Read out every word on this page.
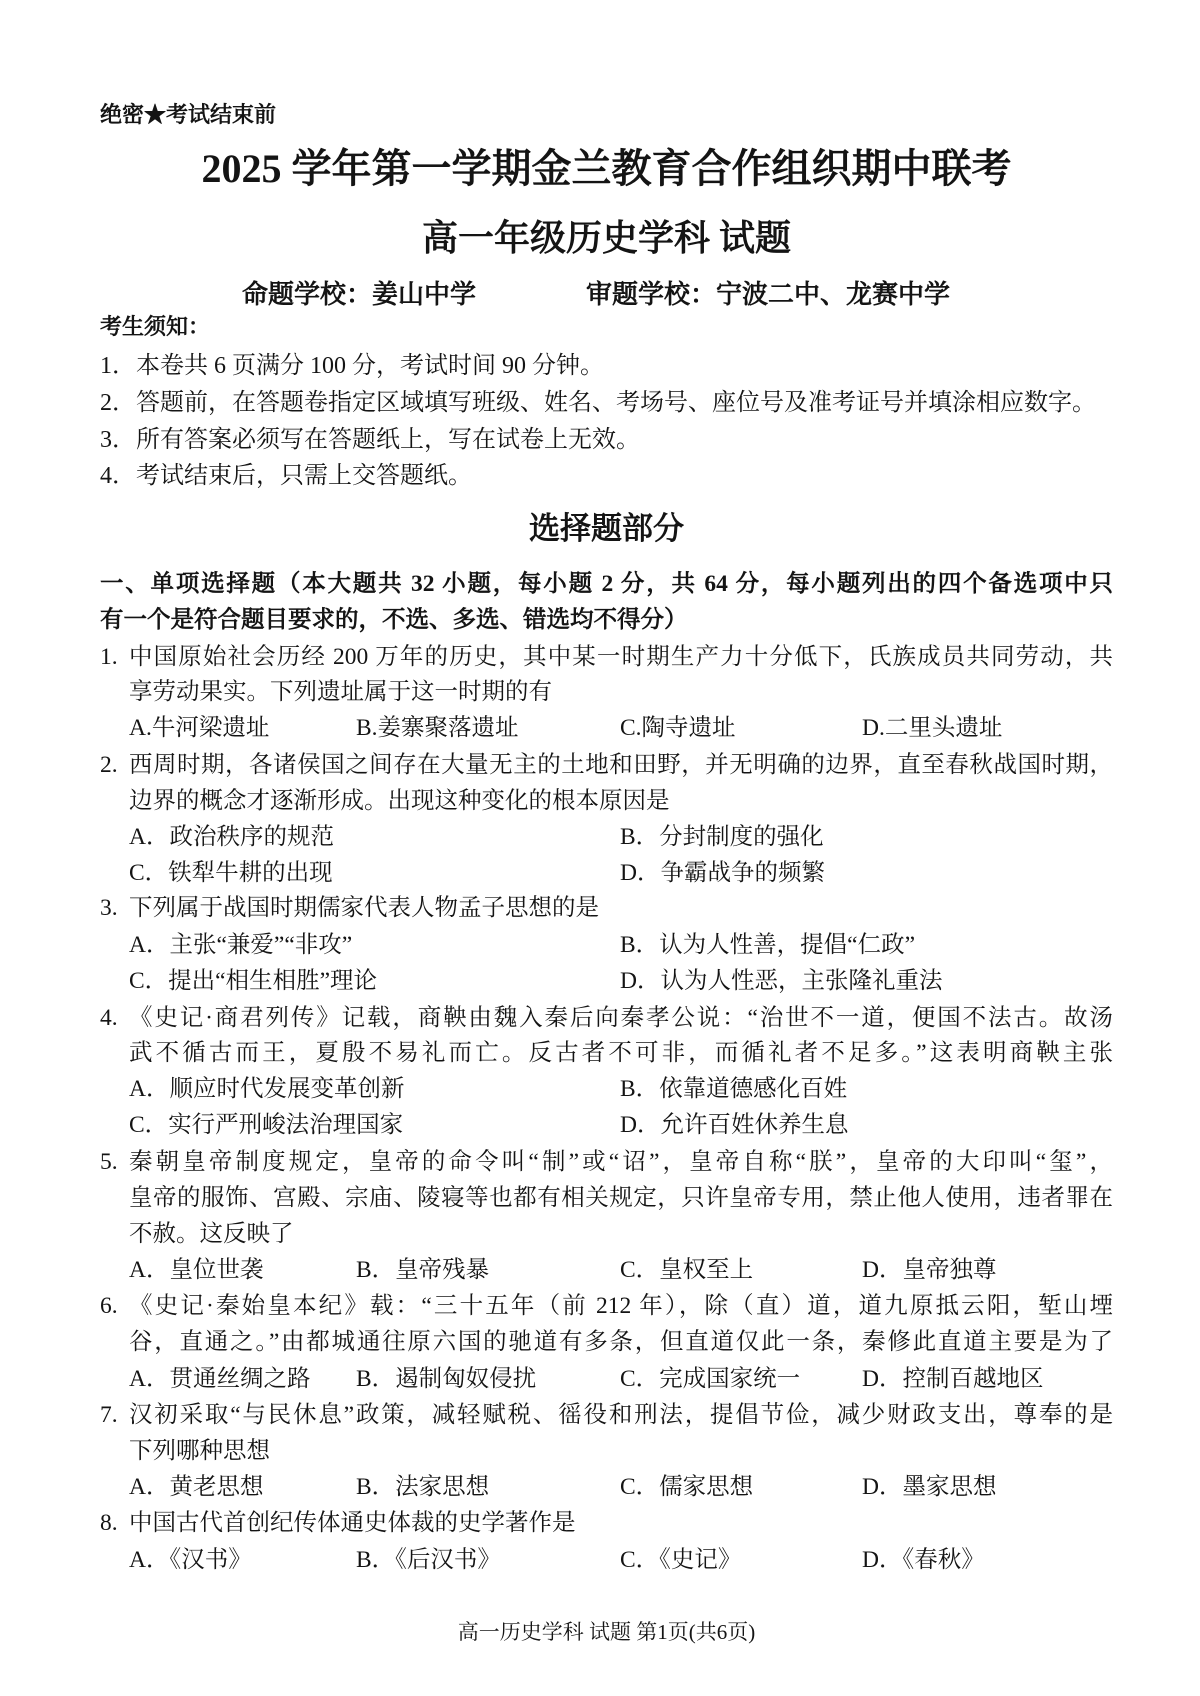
绝密★考试结束前
2025 学年第一学期金兰教育合作组织期中联考
高一年级历史学科 试题
命题学校：姜山中学	审题学校：宁波二中、龙赛中学
考生须知：
1．本卷共 6 页满分 100 分，考试时间 90 分钟。
2．答题前，在答题卷指定区域填写班级、姓名、考场号、座位号及准考证号并填涂相应数字。
3．所有答案必须写在答题纸上，写在试卷上无效。
4．考试结束后，只需上交答题纸。
选择题部分
一、单项选择题（本大题共 32 小题，每小题 2 分，共 64 分，每小题列出的四个备选项中只
有一个是符合题目要求的，不选、多选、错选均不得分）
1. 中国原始社会历经 200 万年的历史，其中某一时期生产力十分低下，氏族成员共同劳动，共
享劳动果实。下列遗址属于这一时期的有
A.牛河梁遗址	B.姜寨聚落遗址	C.陶寺遗址	D.二里头遗址
2. 西周时期，各诸侯国之间存在大量无主的土地和田野，并无明确的边界，直至春秋战国时期，
边界的概念才逐渐形成。出现这种变化的根本原因是
A．政治秩序的规范	B．分封制度的强化
C．铁犁牛耕的出现	D．争霸战争的频繁
3. 下列属于战国时期儒家代表人物孟子思想的是
A．主张“兼爱”“非攻”	B．认为人性善，提倡“仁政”
C．提出“相生相胜”理论	D．认为人性恶，主张隆礼重法
4. 《史记·商君列传》记载，商鞅由魏入秦后向秦孝公说：“治世不一道，便国不法古。故汤
武不循古而王，夏殷不易礼而亡。反古者不可非，而循礼者不足多。”这表明商鞅主张
A．顺应时代发展变革创新	B．依靠道德感化百姓
C．实行严刑峻法治理国家	D．允许百姓休养生息
5. 秦朝皇帝制度规定，皇帝的命令叫“制”或“诏”，皇帝自称“朕”，皇帝的大印叫“玺”，
皇帝的服饰、宫殿、宗庙、陵寝等也都有相关规定，只许皇帝专用，禁止他人使用，违者罪在
不赦。这反映了
A．皇位世袭	B．皇帝残暴	C．皇权至上	D．皇帝独尊
6. 《史记·秦始皇本纪》载：“三十五年（前 212 年），除（直）道，道九原抵云阳，堑山堙
谷，直通之。”由都城通往原六国的驰道有多条，但直道仅此一条，秦修此直道主要是为了
A．贯通丝绸之路 B．遏制匈奴侵扰	C．完成国家统一	D．控制百越地区
7. 汉初采取“与民休息”政策，减轻赋税、徭役和刑法，提倡节俭，减少财政支出，尊奉的是
下列哪种思想
A．黄老思想	B．法家思想	C．儒家思想	D．墨家思想
8. 中国古代首创纪传体通史体裁的史学著作是
A．《汉书》	B．《后汉书》	C．《史记》	D．《春秋》
高一历史学科 试题 第1页(共6页)
